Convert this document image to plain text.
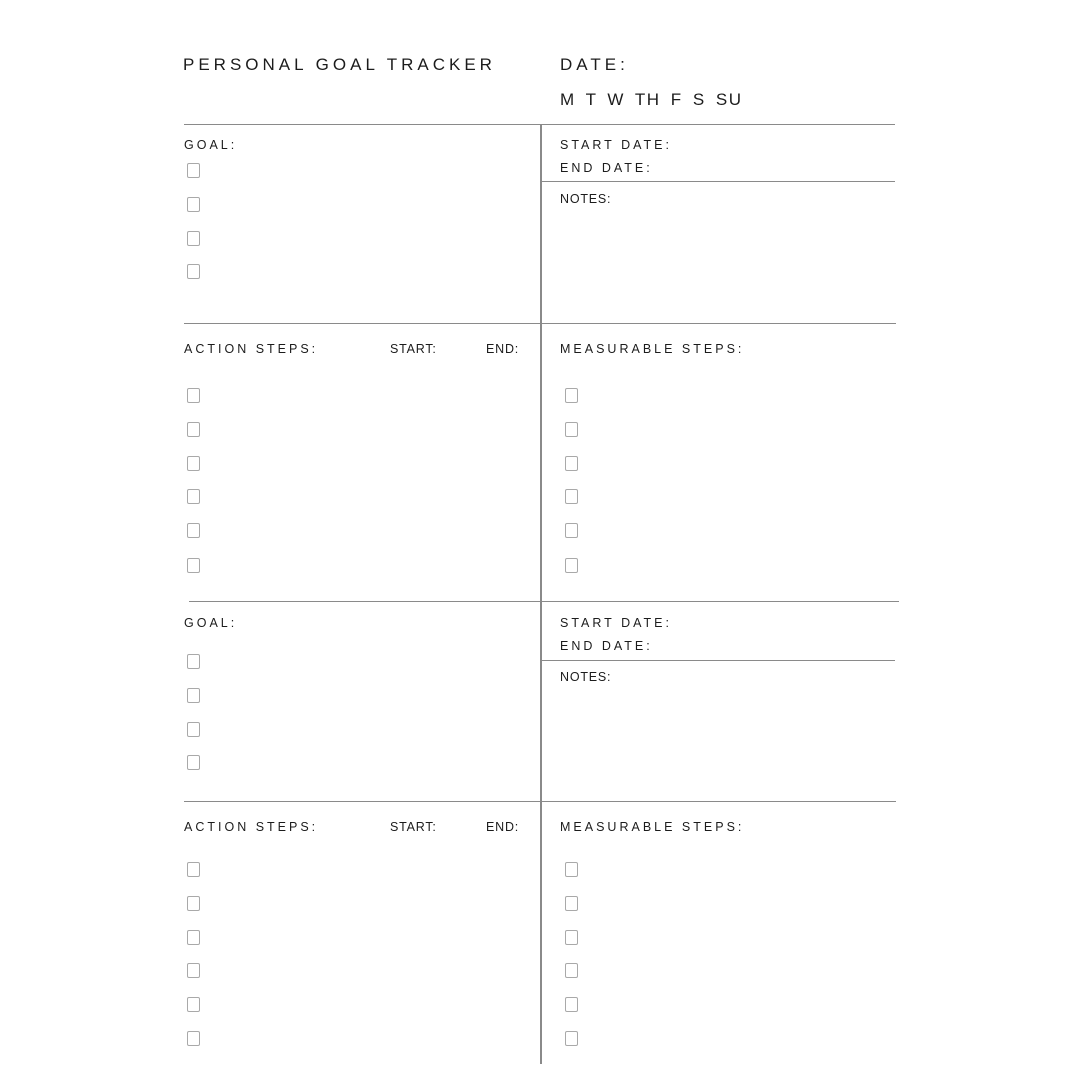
PERSONAL GOAL TRACKER	DATE:
M T W TH F S SU
GOAL:	START DATE:
END DATE:
NOTES:
ACTION STEPS:	START:	END:	MEASURABLE STEPS:
GOAL:	START DATE:
END DATE:
NOTES:
ACTION STEPS:	START:	END:	MEASURABLE STEPS:
